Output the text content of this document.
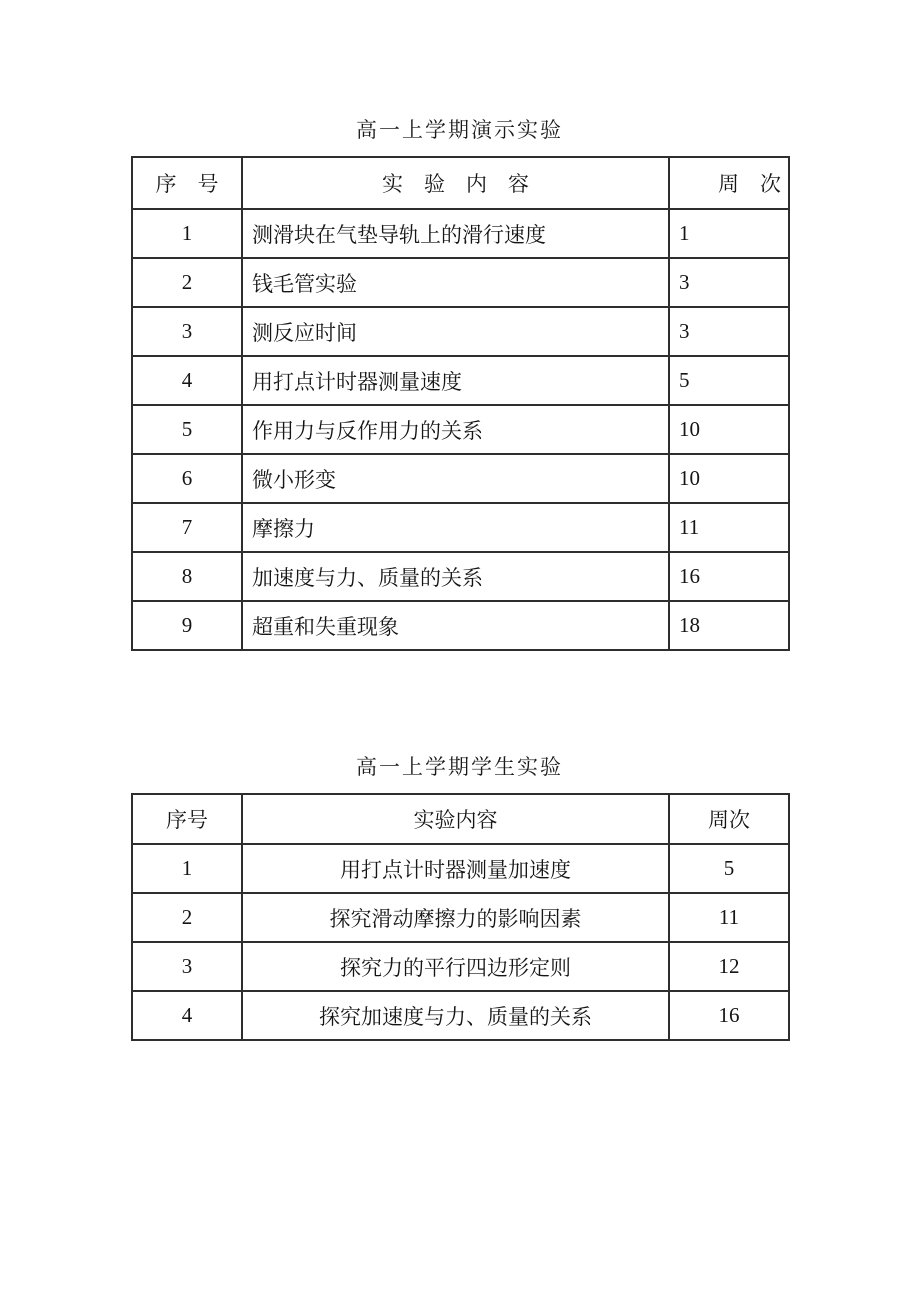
高一上学期演示实验
序　号	实　验　内　容	周　次
1	测滑块在气垫导轨上的滑行速度	1
2	钱毛管实验	3
3	测反应时间	3
4	用打点计时器测量速度	5
5	作用力与反作用力的关系	10
6	微小形变	10
7	摩擦力	11
8	加速度与力、质量的关系	16
9	超重和失重现象	18
高一上学期学生实验
序号	实验内容	周次
1	用打点计时器测量加速度	5
2	探究滑动摩擦力的影响因素	11
3	探究力的平行四边形定则	12
4	探究加速度与力、质量的关系	16
